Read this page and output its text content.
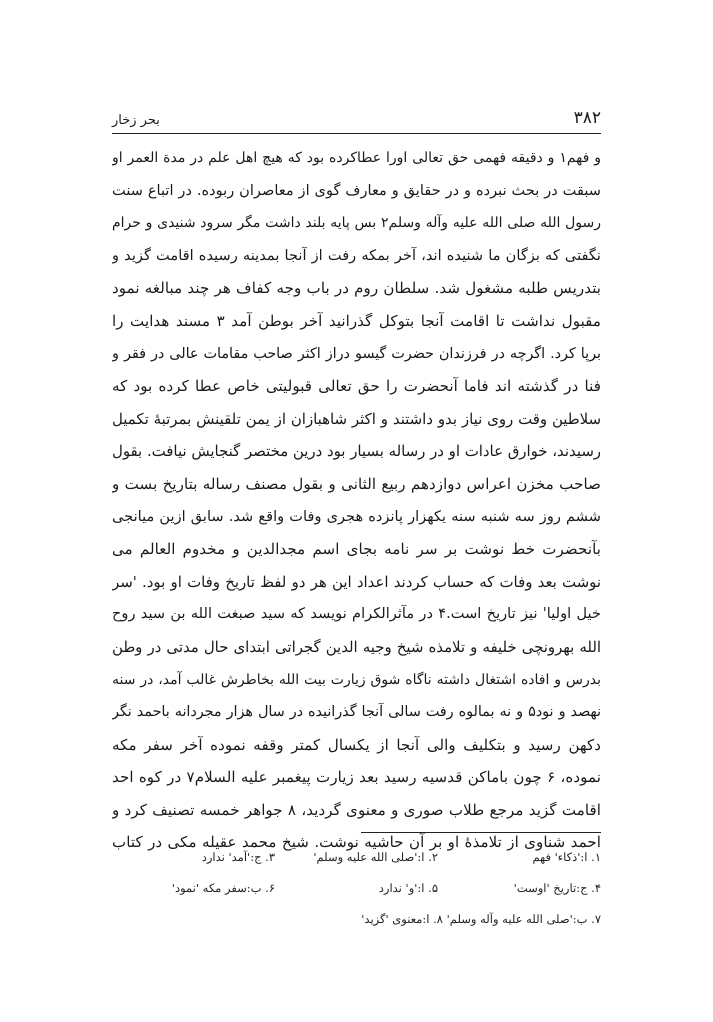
۳۸۲
بحر زخار
و فهم۱ و دقیقه فهمی حق تعالی اورا عطاکرده بود که هیچ اهل علم در مدة العمر او
سبقت در بحث نبرده و در حقایق و معارف گوی از معاصران ربوده. در اتباع سنت
رسول الله صلی الله علیه وآله وسلم۲ بس پایه بلند داشت مگر سرود شنیدی و حرام
نگفتی که بزگان ما شنیده اند، آخر بمکه رفت از آنجا بمدینه رسیده اقامت گزید و
بتدریس طلبه مشغول شد. سلطان روم در باب وجه کفاف هر چند مبالغه نمود
مقبول نداشت تا اقامت آنجا بتوکل گذرانید آخر بوطن آمد ۳ مسند هدایت را
برپا کرد. اگرچه در فرزندان حضرت گیسو دراز اکثر صاحب مقامات عالی در فقر و
فنا در گذشته اند فاما آنحضرت را حق تعالی قبولیتی خاص عطا کرده بود که
سلاطین وقت روی نیاز بدو داشتند و اکثر شاهبازان از یمن تلقینش بمرتبهٔ تکمیل
رسیدند، خوارق عادات او در رساله بسیار بود درین مختصر گنجایش نیافت. بقول
صاحب مخزن اعراس دوازدهم ربیع الثانی و بقول مصنف رساله بتاریخ بست و
ششم روز سه شنبه سنه یکهزار پانزده هجری وفات واقع شد. سابق ازین میانجی
بآنحضرت خط نوشت بر سر نامه بجای اسم مجدالدین و مخدوم العالم می
نوشت بعد وفات که حساب کردند اعداد این هر دو لفظ تاریخ وفات او بود. 'سر
خیل اولیا' نیز تاریخ است.۴ در مآثرالکرام نویسد که سید صبغت الله بن سید روح
الله بهرونچی خلیفه و تلامذه شیخ وجیه الدین گجراتی ابتدای حال مدتی در وطن
بدرس و افاده اشتغال داشته ناگاه شوق زیارت بیت الله بخاطرش غالب آمد، در سنه
نهصد و نود۵ و نه بمالوه رفت سالی آنجا گذرانیده در سال هزار مجردانه باحمد نگر
دکهن رسید و بتکلیف والی آنجا از یکسال کمتر وقفه نموده آخر سفر مکه
نموده، ۶ چون باماکن قدسیه رسید بعد زیارت پیغمبر علیه السلام۷ در کوه احد
اقامت گزید مرجع طلاب صوری و معنوی گردید، ۸ جواهر خمسه تصنیف کرد و
احمد شناوی از تلامذهٔ او بر آن حاشیه نوشت. شیخ محمد عقیله مکی در کتاب
۱. ا:'ذکاء' فهم
۲. ا:'صلی الله علیه وسلم'
۳. ج:'آمد' ندارد
۴. ج:تاریخ 'اوست'
۵. ا:'و' ندارد
۶. ب:سفر مکه 'نمود'
۷. ب:'صلی الله علیه وآله وسلم' ۸. ا:معنوی 'گزید'
